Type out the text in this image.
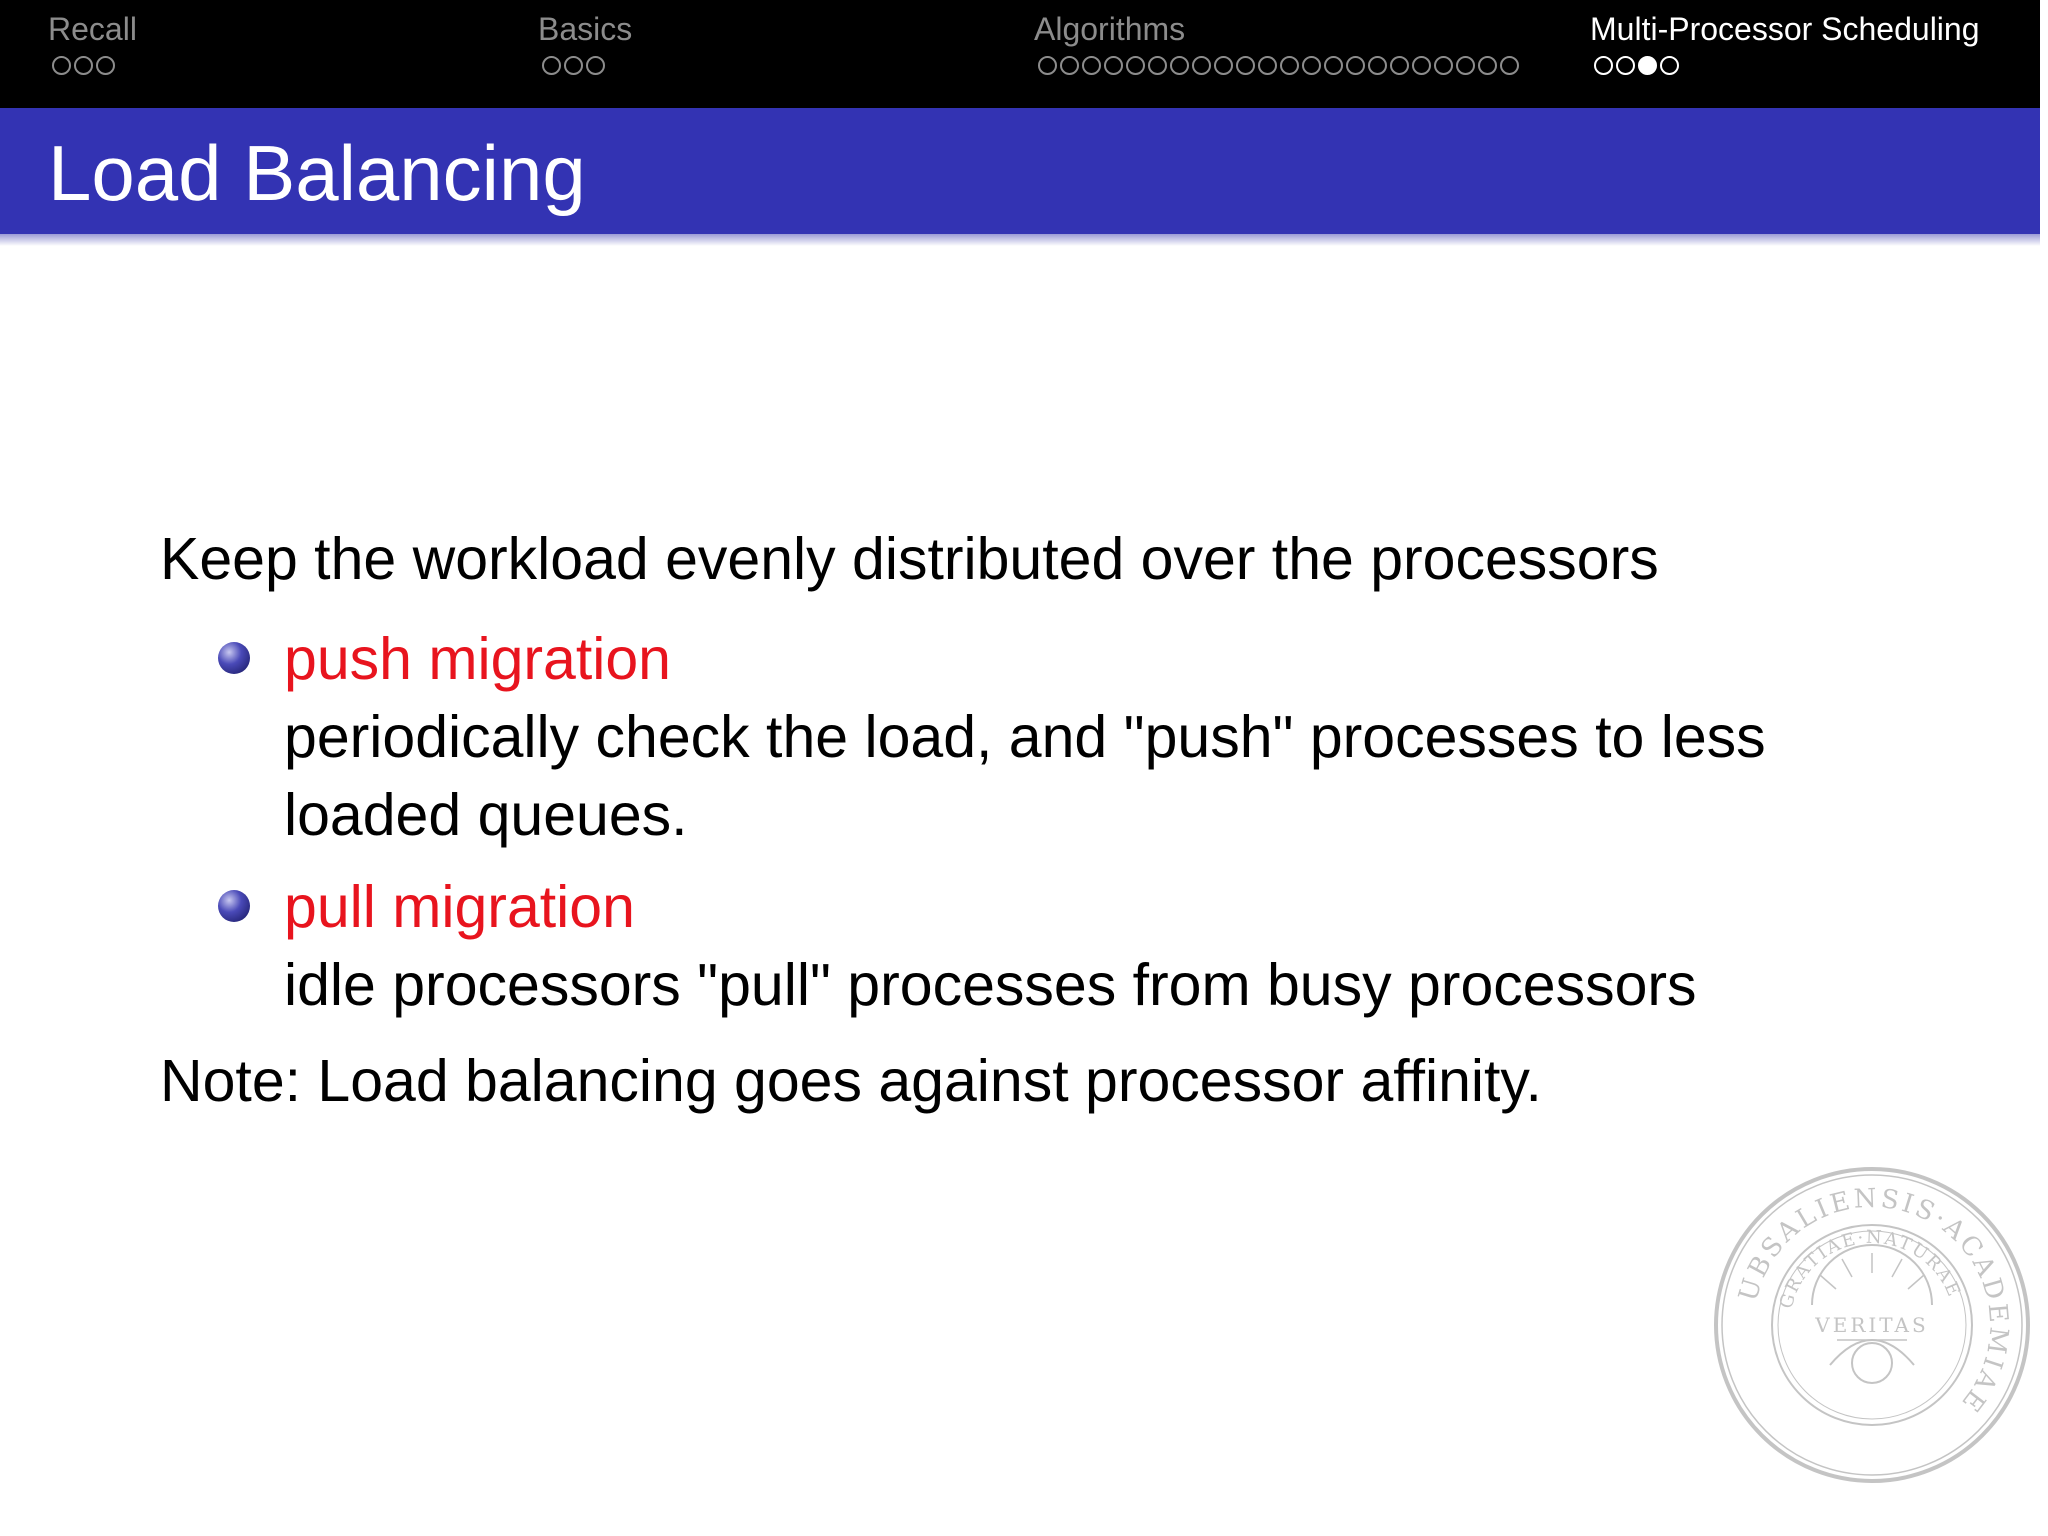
Recall	Basics	Algorithms	Multi-Processor Scheduling
Load Balancing
Keep the workload evenly distributed over the processors
push migration
periodically check the load, and "push" processes to less
loaded queues.
pull migration
idle processors "pull" processes from busy processors
Note: Load balancing goes against processor affinity.
UBSALIENSIS·ACADEMIAE
GRATIAE·NATURAE
VERITAS
